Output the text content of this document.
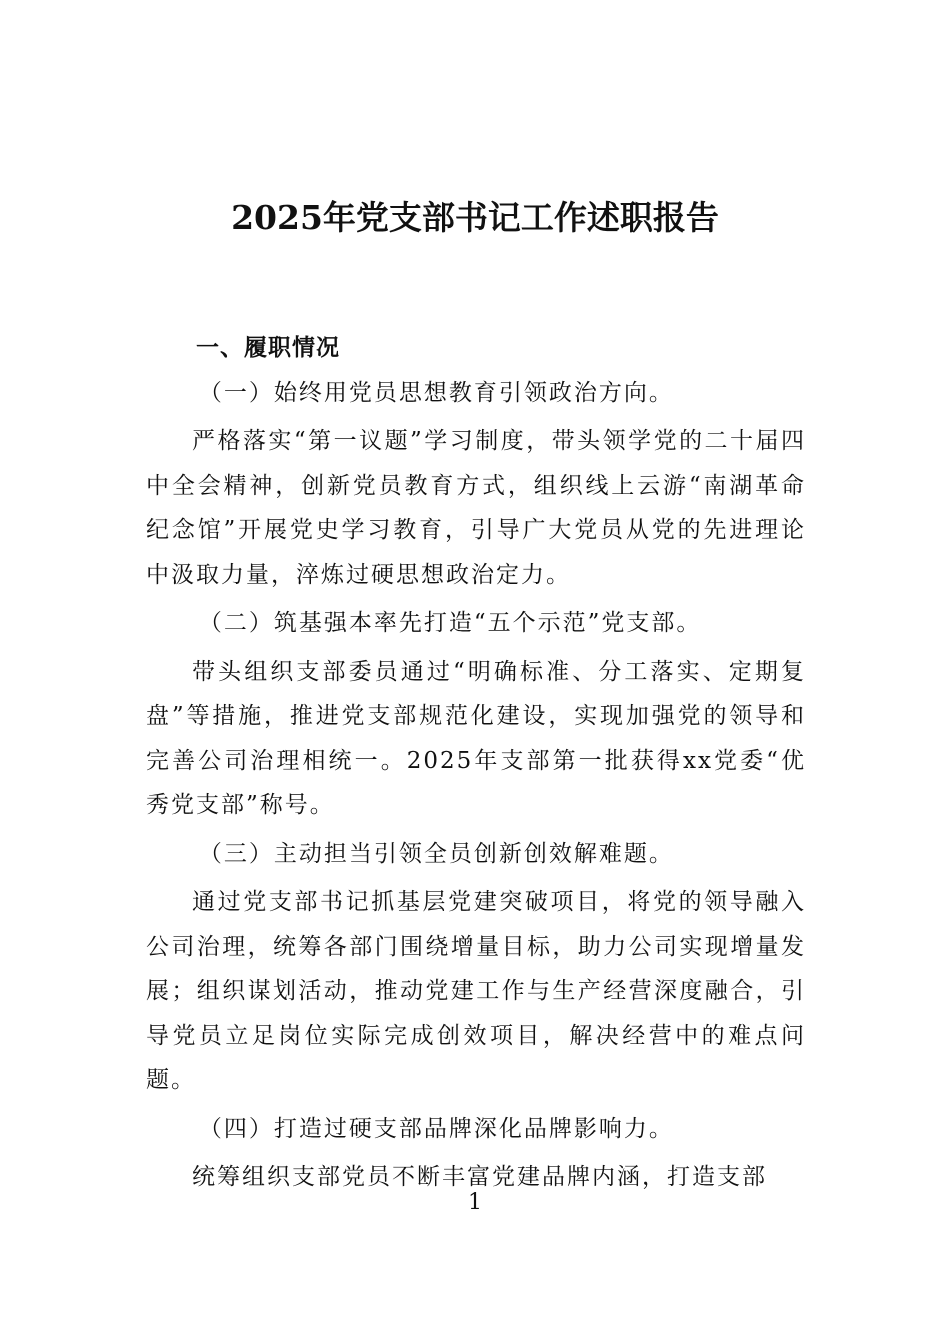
2025年党支部书记工作述职报告

一、履职情况

（一）始终用党员思想教育引领政治方向。

严格落实“第一议题”学习制度，带头领学党的二十届四中全会精神，创新党员教育方式，组织线上云游“南湖革命纪念馆”开展党史学习教育，引导广大党员从党的先进理论中汲取力量，淬炼过硬思想政治定力。

（二）筑基强本率先打造“五个示范”党支部。

带头组织支部委员通过“明确标准、分工落实、定期复盘”等措施，推进党支部规范化建设，实现加强党的领导和完善公司治理相统一。2025年支部第一批获得xx党委“优秀党支部”称号。

（三）主动担当引领全员创新创效解难题。

通过党支部书记抓基层党建突破项目，将党的领导融入公司治理，统筹各部门围绕增量目标，助力公司实现增量发展；组织谋划活动，推动党建工作与生产经营深度融合，引导党员立足岗位实际完成创效项目，解决经营中的难点问题。

（四）打造过硬支部品牌深化品牌影响力。

统筹组织支部党员不断丰富党建品牌内涵，打造支部

1
